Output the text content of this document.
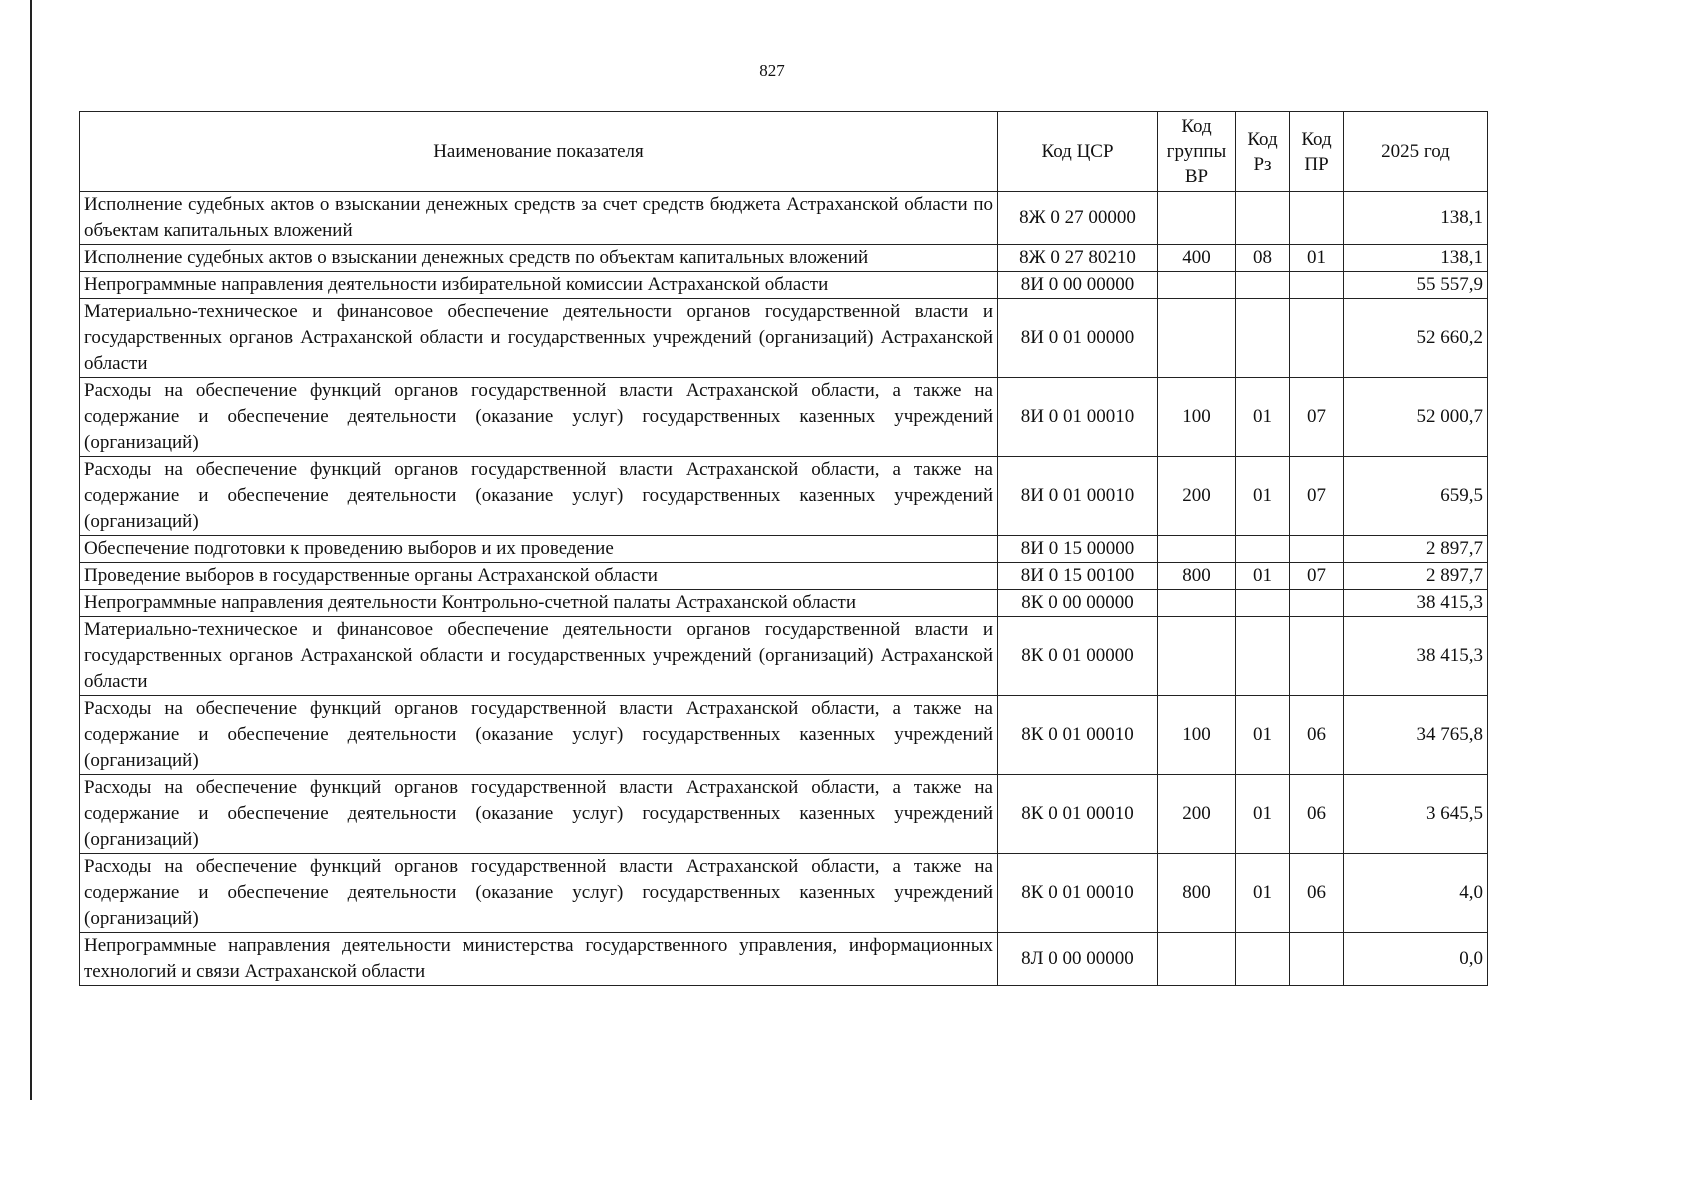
827
Наименование показателя	Код ЦСР	Код группы ВР	Код Рз	Код ПР	2025 год
Исполнение судебных актов о взыскании денежных средств за счет средств бюджета Астраханской области по объектам капитальных вложений	8Ж 0 27 00000				138,1
Исполнение судебных актов о взыскании денежных средств по объектам капитальных вложений	8Ж 0 27 80210	400	08	01	138,1
Непрограммные направления деятельности избирательной комиссии Астраханской области	8И 0 00 00000				55 557,9
Материально-техническое и финансовое обеспечение деятельности органов государственной власти и государственных органов Астраханской области и государственных учреждений (организаций) Астраханской области	8И 0 01 00000				52 660,2
Расходы на обеспечение функций органов государственной власти Астраханской области, а также на содержание и обеспечение деятельности (оказание услуг) государственных казенных учреждений (организаций)	8И 0 01 00010	100	01	07	52 000,7
Расходы на обеспечение функций органов государственной власти Астраханской области, а также на содержание и обеспечение деятельности (оказание услуг) государственных казенных учреждений (организаций)	8И 0 01 00010	200	01	07	659,5
Обеспечение подготовки к проведению выборов и их проведение	8И 0 15 00000				2 897,7
Проведение выборов в государственные органы Астраханской области	8И 0 15 00100	800	01	07	2 897,7
Непрограммные направления деятельности Контрольно-счетной палаты Астраханской области	8К 0 00 00000				38 415,3
Материально-техническое и финансовое обеспечение деятельности органов государственной власти и государственных органов Астраханской области и государственных учреждений (организаций) Астраханской области	8К 0 01 00000				38 415,3
Расходы на обеспечение функций органов государственной власти Астраханской области, а также на содержание и обеспечение деятельности (оказание услуг) государственных казенных учреждений (организаций)	8К 0 01 00010	100	01	06	34 765,8
Расходы на обеспечение функций органов государственной власти Астраханской области, а также на содержание и обеспечение деятельности (оказание услуг) государственных казенных учреждений (организаций)	8К 0 01 00010	200	01	06	3 645,5
Расходы на обеспечение функций органов государственной власти Астраханской области, а также на содержание и обеспечение деятельности (оказание услуг) государственных казенных учреждений (организаций)	8К 0 01 00010	800	01	06	4,0
Непрограммные направления деятельности министерства государственного управления, информационных технологий и связи Астраханской области	8Л 0 00 00000				0,0
